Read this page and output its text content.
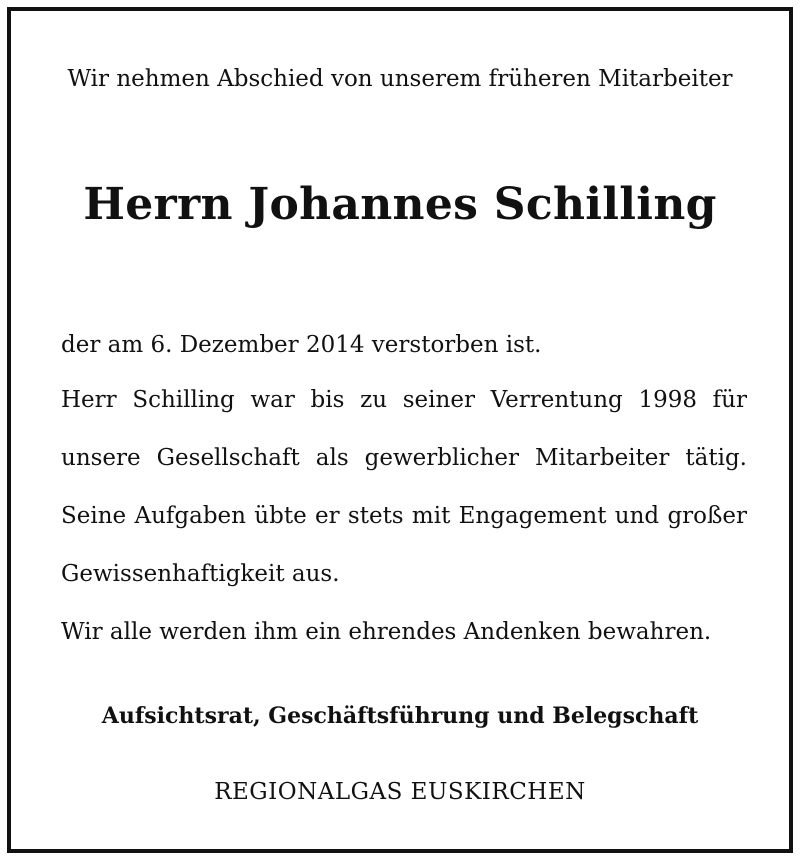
Wir nehmen Abschied von unserem früheren Mitarbeiter

Herrn Johannes Schilling

der am 6. Dezember 2014 verstorben ist.

Herr Schilling war bis zu seiner Verrentung 1998 für
unsere Gesellschaft als gewerblicher Mitarbeiter tätig.
Seine Aufgaben übte er stets mit Engagement und großer
Gewissenhaftigkeit aus.

Wir alle werden ihm ein ehrendes Andenken bewahren.

Aufsichtsrat, Geschäftsführung und Belegschaft

REGIONALGAS EUSKIRCHEN
